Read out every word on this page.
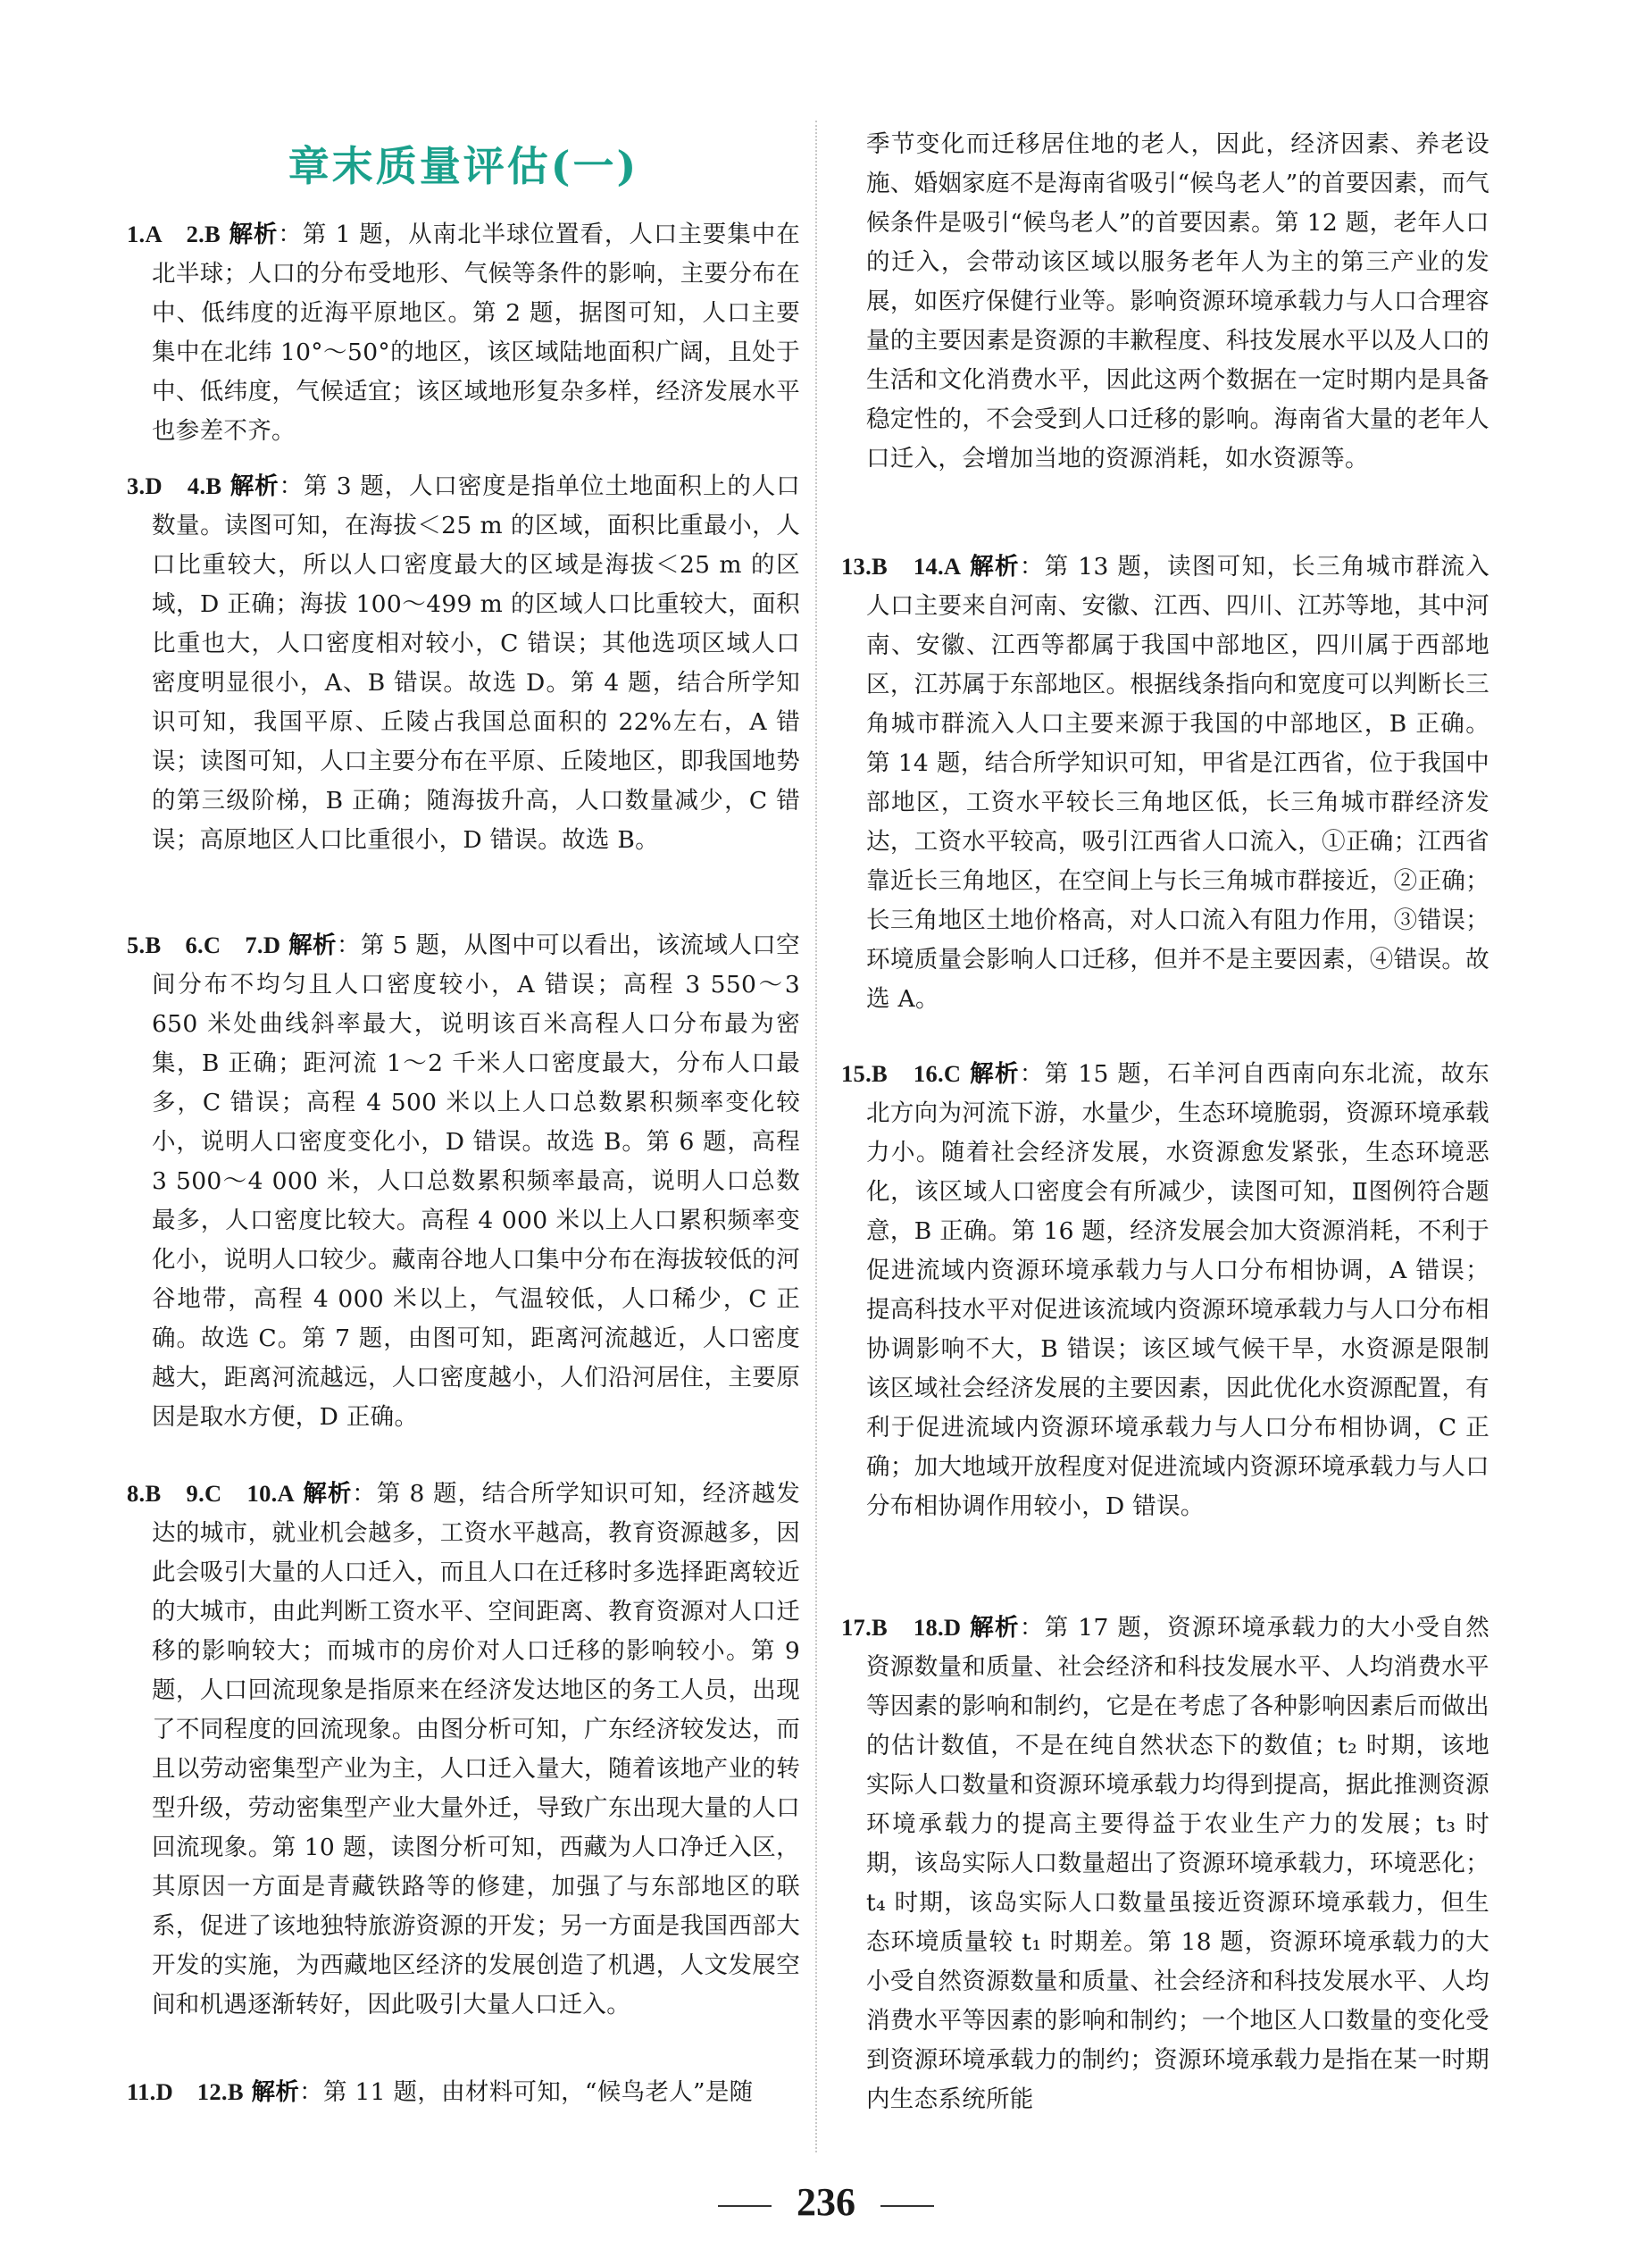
章末质量评估(一)
1.A　2.B 解析：第 1 题，从南北半球位置看，人口主要集中在北半球；人口的分布受地形、气候等条件的影响，主要分布在中、低纬度的近海平原地区。第 2 题，据图可知，人口主要集中在北纬 10°～50°的地区，该区域陆地面积广阔，且处于中、低纬度，气候适宜；该区域地形复杂多样，经济发展水平也参差不齐。
3.D　4.B 解析：第 3 题，人口密度是指单位土地面积上的人口数量。读图可知，在海拔＜25 m 的区域，面积比重最小，人口比重较大，所以人口密度最大的区域是海拔＜25 m 的区域，D 正确；海拔 100～499 m 的区域人口比重较大，面积比重也大，人口密度相对较小，C 错误；其他选项区域人口密度明显很小，A、B 错误。故选 D。第 4 题，结合所学知识可知，我国平原、丘陵占我国总面积的 22%左右，A 错误；读图可知，人口主要分布在平原、丘陵地区，即我国地势的第三级阶梯，B 正确；随海拔升高，人口数量减少，C 错误；高原地区人口比重很小，D 错误。故选 B。
5.B　6.C　7.D 解析：第 5 题，从图中可以看出，该流域人口空间分布不均匀且人口密度较小，A 错误；高程 3 550～3 650 米处曲线斜率最大，说明该百米高程人口分布最为密集，B 正确；距河流 1～2 千米人口密度最大，分布人口最多，C 错误；高程 4 500 米以上人口总数累积频率变化较小，说明人口密度变化小，D 错误。故选 B。第 6 题，高程 3 500～4 000 米，人口总数累积频率最高，说明人口总数最多，人口密度比较大。高程 4 000 米以上人口累积频率变化小，说明人口较少。藏南谷地人口集中分布在海拔较低的河谷地带，高程 4 000 米以上，气温较低，人口稀少，C 正确。故选 C。第 7 题，由图可知，距离河流越近，人口密度越大，距离河流越远，人口密度越小，人们沿河居住，主要原因是取水方便，D 正确。
8.B　9.C　10.A 解析：第 8 题，结合所学知识可知，经济越发达的城市，就业机会越多，工资水平越高，教育资源越多，因此会吸引大量的人口迁入，而且人口在迁移时多选择距离较近的大城市，由此判断工资水平、空间距离、教育资源对人口迁移的影响较大；而城市的房价对人口迁移的影响较小。第 9 题，人口回流现象是指原来在经济发达地区的务工人员，出现了不同程度的回流现象。由图分析可知，广东经济较发达，而且以劳动密集型产业为主，人口迁入量大，随着该地产业的转型升级，劳动密集型产业大量外迁，导致广东出现大量的人口回流现象。第 10 题，读图分析可知，西藏为人口净迁入区，其原因一方面是青藏铁路等的修建，加强了与东部地区的联系，促进了该地独特旅游资源的开发；另一方面是我国西部大开发的实施，为西藏地区经济的发展创造了机遇，人文发展空间和机遇逐渐转好，因此吸引大量人口迁入。
11.D　12.B 解析：第 11 题，由材料可知，“候鸟老人”是随
季节变化而迁移居住地的老人，因此，经济因素、养老设施、婚姻家庭不是海南省吸引“候鸟老人”的首要因素，而气候条件是吸引“候鸟老人”的首要因素。第 12 题，老年人口的迁入，会带动该区域以服务老年人为主的第三产业的发展，如医疗保健行业等。影响资源环境承载力与人口合理容量的主要因素是资源的丰歉程度、科技发展水平以及人口的生活和文化消费水平，因此这两个数据在一定时期内是具备稳定性的，不会受到人口迁移的影响。海南省大量的老年人口迁入，会增加当地的资源消耗，如水资源等。
13.B　14.A 解析：第 13 题，读图可知，长三角城市群流入人口主要来自河南、安徽、江西、四川、江苏等地，其中河南、安徽、江西等都属于我国中部地区，四川属于西部地区，江苏属于东部地区。根据线条指向和宽度可以判断长三角城市群流入人口主要来源于我国的中部地区，B 正确。第 14 题，结合所学知识可知，甲省是江西省，位于我国中部地区，工资水平较长三角地区低，长三角城市群经济发达，工资水平较高，吸引江西省人口流入，①正确；江西省靠近长三角地区，在空间上与长三角城市群接近，②正确；长三角地区土地价格高，对人口流入有阻力作用，③错误；环境质量会影响人口迁移，但并不是主要因素，④错误。故选 A。
15.B　16.C 解析：第 15 题，石羊河自西南向东北流，故东北方向为河流下游，水量少，生态环境脆弱，资源环境承载力小。随着社会经济发展，水资源愈发紧张，生态环境恶化，该区域人口密度会有所减少，读图可知，Ⅱ图例符合题意，B 正确。第 16 题，经济发展会加大资源消耗，不利于促进流域内资源环境承载力与人口分布相协调，A 错误；提高科技水平对促进该流域内资源环境承载力与人口分布相协调影响不大，B 错误；该区域气候干旱，水资源是限制该区域社会经济发展的主要因素，因此优化水资源配置，有利于促进流域内资源环境承载力与人口分布相协调，C 正确；加大地域开放程度对促进流域内资源环境承载力与人口分布相协调作用较小，D 错误。
17.B　18.D 解析：第 17 题，资源环境承载力的大小受自然资源数量和质量、社会经济和科技发展水平、人均消费水平等因素的影响和制约，它是在考虑了各种影响因素后而做出的估计数值，不是在纯自然状态下的数值；t₂ 时期，该地实际人口数量和资源环境承载力均得到提高，据此推测资源环境承载力的提高主要得益于农业生产力的发展；t₃ 时期，该岛实际人口数量超出了资源环境承载力，环境恶化；t₄ 时期，该岛实际人口数量虽接近资源环境承载力，但生态环境质量较 t₁ 时期差。第 18 题，资源环境承载力的大小受自然资源数量和质量、社会经济和科技发展水平、人均消费水平等因素的影响和制约；一个地区人口数量的变化受到资源环境承载力的制约；资源环境承载力是指在某一时期内生态系统所能
236
